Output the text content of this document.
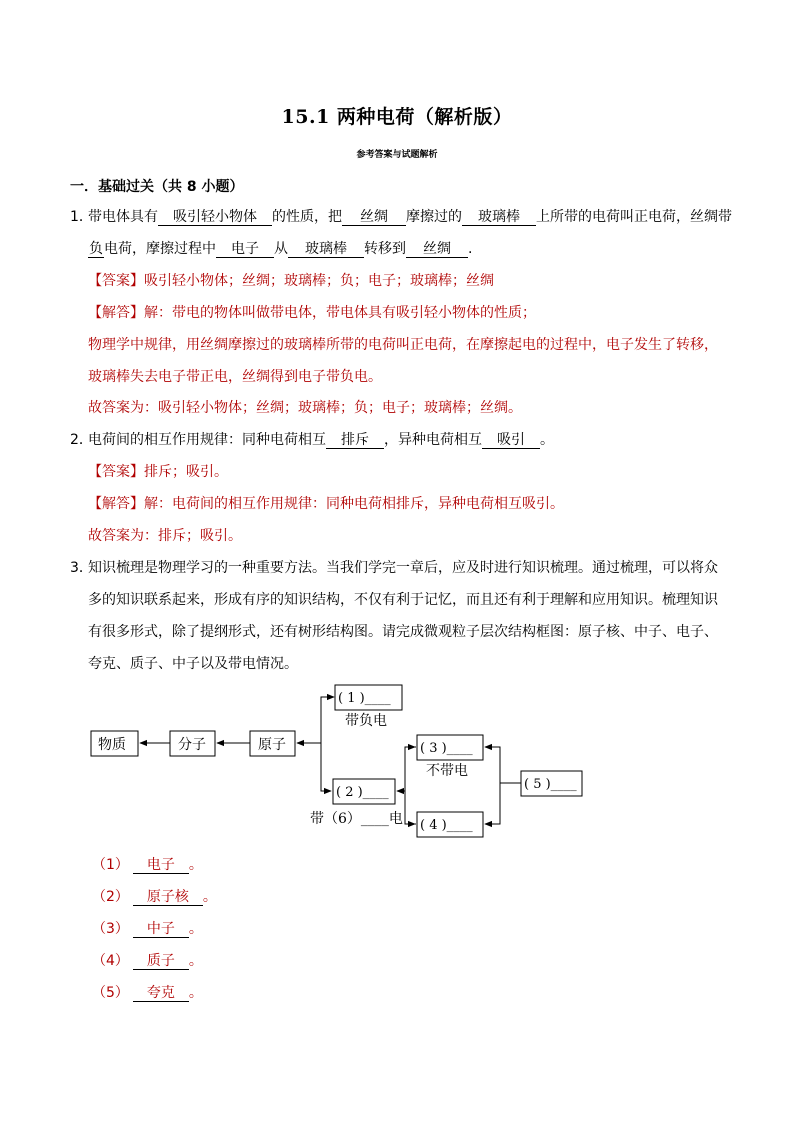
15.1 两种电荷（解析版）
参考答案与试题解析
一．基础过关（共 8 小题）
1．带电体具有 吸引轻小物体 的性质，把 丝绸 摩擦过的 玻璃棒 上所带的电荷叫正电荷，丝绸带
负电荷，摩擦过程中 电子 从 玻璃棒 转移到 丝绸 .
【答案】吸引轻小物体；丝绸；玻璃棒；负；电子；玻璃棒；丝绸
【解答】解：带电的物体叫做带电体，带电体具有吸引轻小物体的性质；
物理学中规律，用丝绸摩擦过的玻璃棒所带的电荷叫正电荷，在摩擦起电的过程中，电子发生了转移，
玻璃棒失去电子带正电，丝绸得到电子带负电。
故答案为：吸引轻小物体；丝绸；玻璃棒；负；电子；玻璃棒；丝绸。
2．电荷间的相互作用规律：同种电荷相互 排斥 ，异种电荷相互 吸引 。
【答案】排斥；吸引。
【解答】解：电荷间的相互作用规律：同种电荷相排斥，异种电荷相互吸引。
故答案为：排斥；吸引。
3．知识梳理是物理学习的一种重要方法。当我们学完一章后，应及时进行知识梳理。通过梳理，可以将众
多的知识联系起来，形成有序的知识结构，不仅有利于记忆，而且还有利于理解和应用知识。梳理知识
有很多形式，除了提纲形式，还有树形结构图。请完成微观粒子层次结构框图：原子核、中子、电子、
夸克、质子、中子以及带电情况。
物质	分子	原子
( 1 )____
带负电
( 2 )____
( 3 )____
不带电
( 4 )____
( 5 )____
带（6）____电
（1） 电子 。
（2） 原子核 。
（3） 中子 。
（4） 质子 。
（5） 夸克 。
